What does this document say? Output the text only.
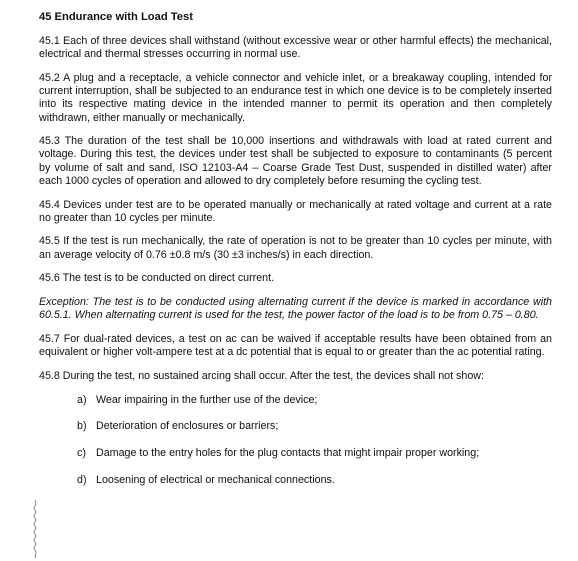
45 Endurance with Load Test

45.1 Each of three devices shall withstand (without excessive wear or other harmful effects) the mechanical, electrical and thermal stresses occurring in normal use.

45.2 A plug and a receptacle, a vehicle connector and vehicle inlet, or a breakaway coupling, intended for current interruption, shall be subjected to an endurance test in which one device is to be completely inserted into its respective mating device in the intended manner to permit its operation and then completely withdrawn, either manually or mechanically.

45.3 The duration of the test shall be 10,000 insertions and withdrawals with load at rated current and voltage. During this test, the devices under test shall be subjected to exposure to contaminants (5 percent by volume of salt and sand, ISO 12103-A4 – Coarse Grade Test Dust, suspended in distilled water) after each 1000 cycles of operation and allowed to dry completely before resuming the cycling test.

45.4 Devices under test are to be operated manually or mechanically at rated voltage and current at a rate no greater than 10 cycles per minute.

45.5 If the test is run mechanically, the rate of operation is not to be greater than 10 cycles per minute, with an average velocity of 0.76 ±0.8 m/s (30 ±3 inches/s) in each direction.

45.6 The test is to be conducted on direct current.

Exception: The test is to be conducted using alternating current if the device is marked in accordance with 60.5.1. When alternating current is used for the test, the power factor of the load is to be from 0.75 – 0.80.

45.7 For dual-rated devices, a test on ac can be waived if acceptable results have been obtained from an equivalent or higher volt-ampere test at a dc potential that is equal to or greater than the ac potential rating.

45.8 During the test, no sustained arcing shall occur. After the test, the devices shall not show:

a) Wear impairing in the further use of the device;
b) Deterioration of enclosures or barriers;
c) Damage to the entry holes for the plug contacts that might impair proper working;
d) Loosening of electrical or mechanical connections.
